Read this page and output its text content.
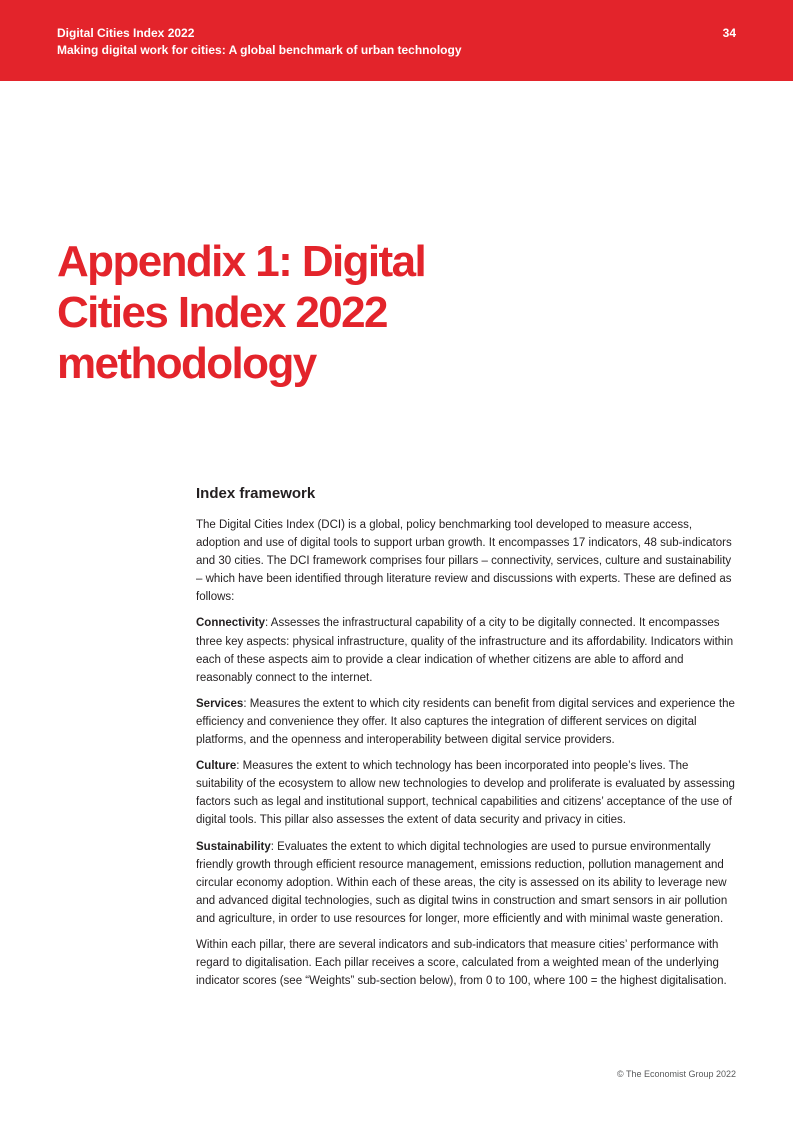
Digital Cities Index 2022
Making digital work for cities: A global benchmark of urban technology
34
Appendix 1: Digital Cities Index 2022 methodology
Index framework

The Digital Cities Index (DCI) is a global, policy benchmarking tool developed to measure access, adoption and use of digital tools to support urban growth. It encompasses 17 indicators, 48 sub-indicators and 30 cities. The DCI framework comprises four pillars – connectivity, services, culture and sustainability – which have been identified through literature review and discussions with experts. These are defined as follows:

Connectivity: Assesses the infrastructural capability of a city to be digitally connected. It encompasses three key aspects: physical infrastructure, quality of the infrastructure and its affordability. Indicators within each of these aspects aim to provide a clear indication of whether citizens are able to afford and reasonably connect to the internet.

Services: Measures the extent to which city residents can benefit from digital services and experience the efficiency and convenience they offer. It also captures the integration of different services on digital platforms, and the openness and interoperability between digital service providers.

Culture: Measures the extent to which technology has been incorporated into people’s lives. The suitability of the ecosystem to allow new technologies to develop and proliferate is evaluated by assessing factors such as legal and institutional support, technical capabilities and citizens’ acceptance of the use of digital tools. This pillar also assesses the extent of data security and privacy in cities.

Sustainability: Evaluates the extent to which digital technologies are used to pursue environmentally friendly growth through efficient resource management, emissions reduction, pollution management and circular economy adoption. Within each of these areas, the city is assessed on its ability to leverage new and advanced digital technologies, such as digital twins in construction and smart sensors in air pollution and agriculture, in order to use resources for longer, more efficiently and with minimal waste generation.

Within each pillar, there are several indicators and sub-indicators that measure cities’ performance with regard to digitalisation. Each pillar receives a score, calculated from a weighted mean of the underlying indicator scores (see “Weights” sub-section below), from 0 to 100, where 100 = the highest digitalisation.

© The Economist Group 2022
